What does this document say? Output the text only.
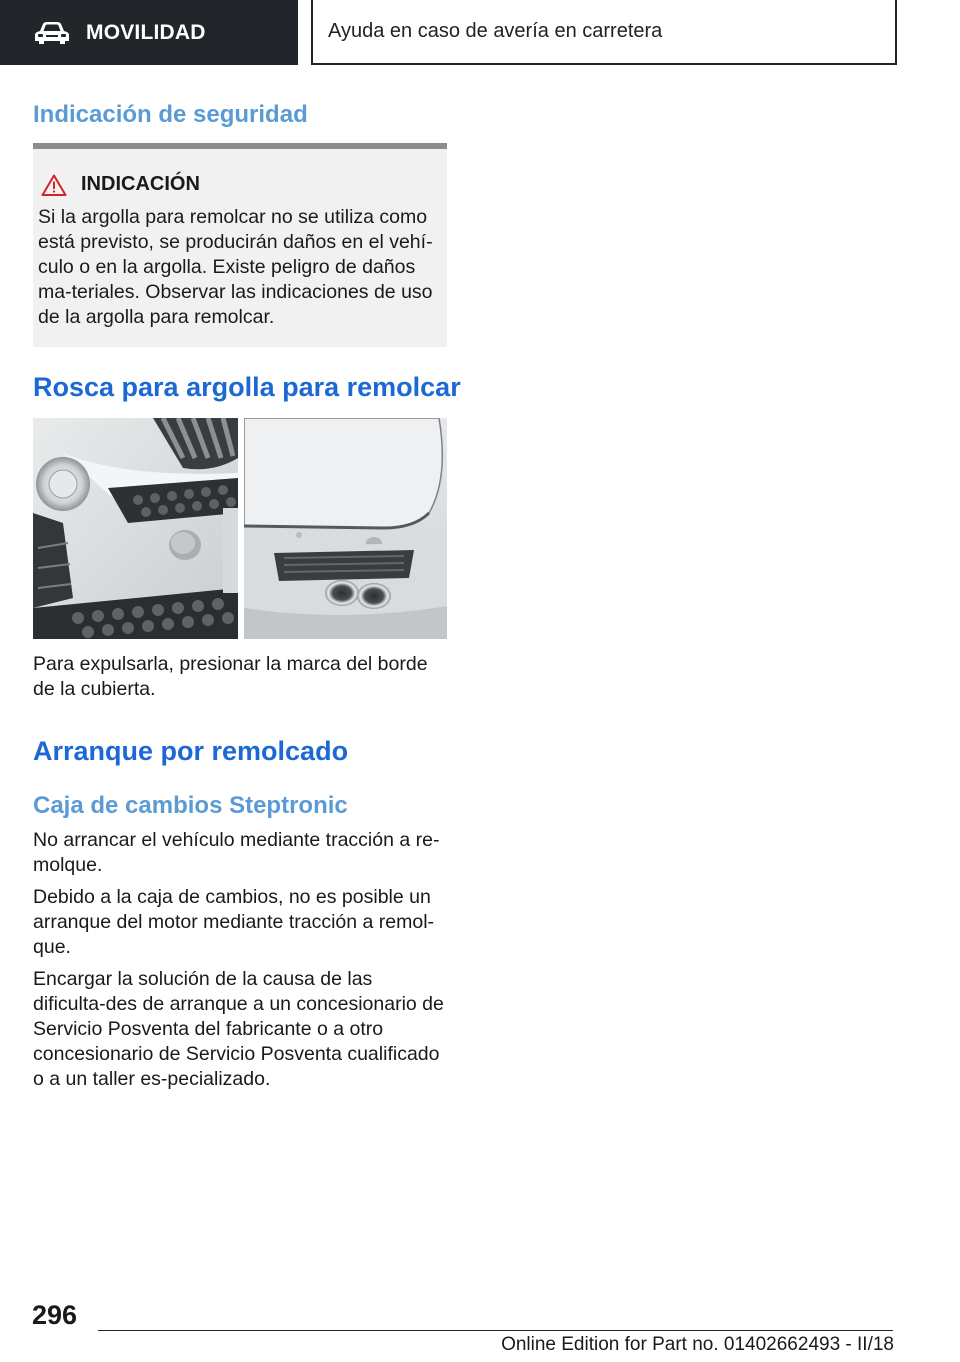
MOVILIDAD	Ayuda en caso de avería en carretera
Indicación de seguridad
INDICACIÓN

Si la argolla para remolcar no se utiliza como está previsto, se producirán daños en el vehí-culo o en la argolla. Existe peligro de daños ma-teriales. Observar las indicaciones de uso de la argolla para remolcar.

Rosca para argolla para remolcar

Para expulsarla, presionar la marca del borde de la cubierta.

Arranque por remolcado
Caja de cambios Steptronic

No arrancar el vehículo mediante tracción a re-molque.

Debido a la caja de cambios, no es posible un arranque del motor mediante tracción a remol-que.

Encargar la solución de la causa de las dificulta-des de arranque a un concesionario de Servicio Posventa del fabricante o a otro concesionario de Servicio Posventa cualificado o a un taller es-pecializado.

296
Online Edition for Part no. 01402662493 - II/18
